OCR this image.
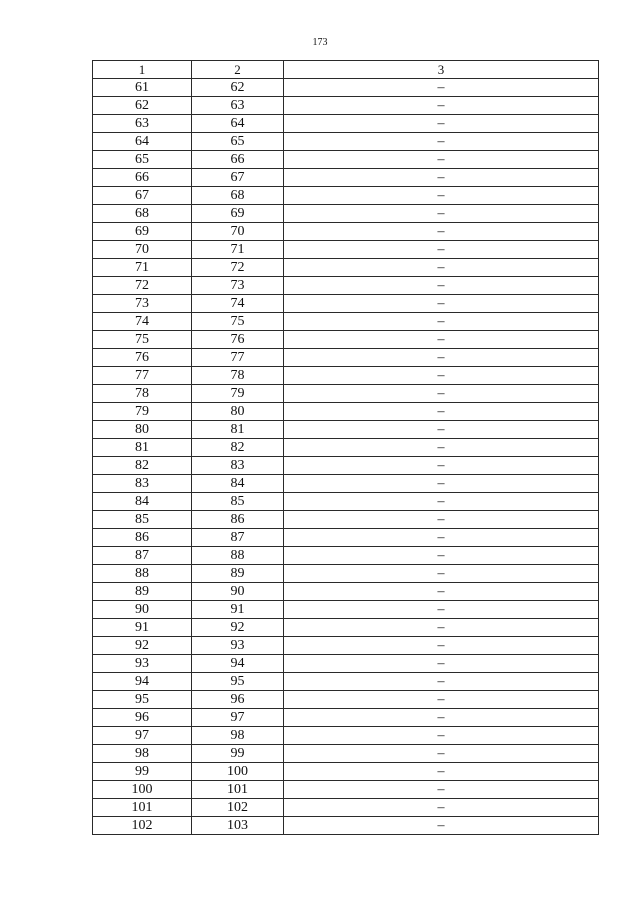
173
1	2	3
61	62	–
62	63	–
63	64	–
64	65	–
65	66	–
66	67	–
67	68	–
68	69	–
69	70	–
70	71	–
71	72	–
72	73	–
73	74	–
74	75	–
75	76	–
76	77	–
77	78	–
78	79	–
79	80	–
80	81	–
81	82	–
82	83	–
83	84	–
84	85	–
85	86	–
86	87	–
87	88	–
88	89	–
89	90	–
90	91	–
91	92	–
92	93	–
93	94	–
94	95	–
95	96	–
96	97	–
97	98	–
98	99	–
99	100	–
100	101	–
101	102	–
102	103	–
